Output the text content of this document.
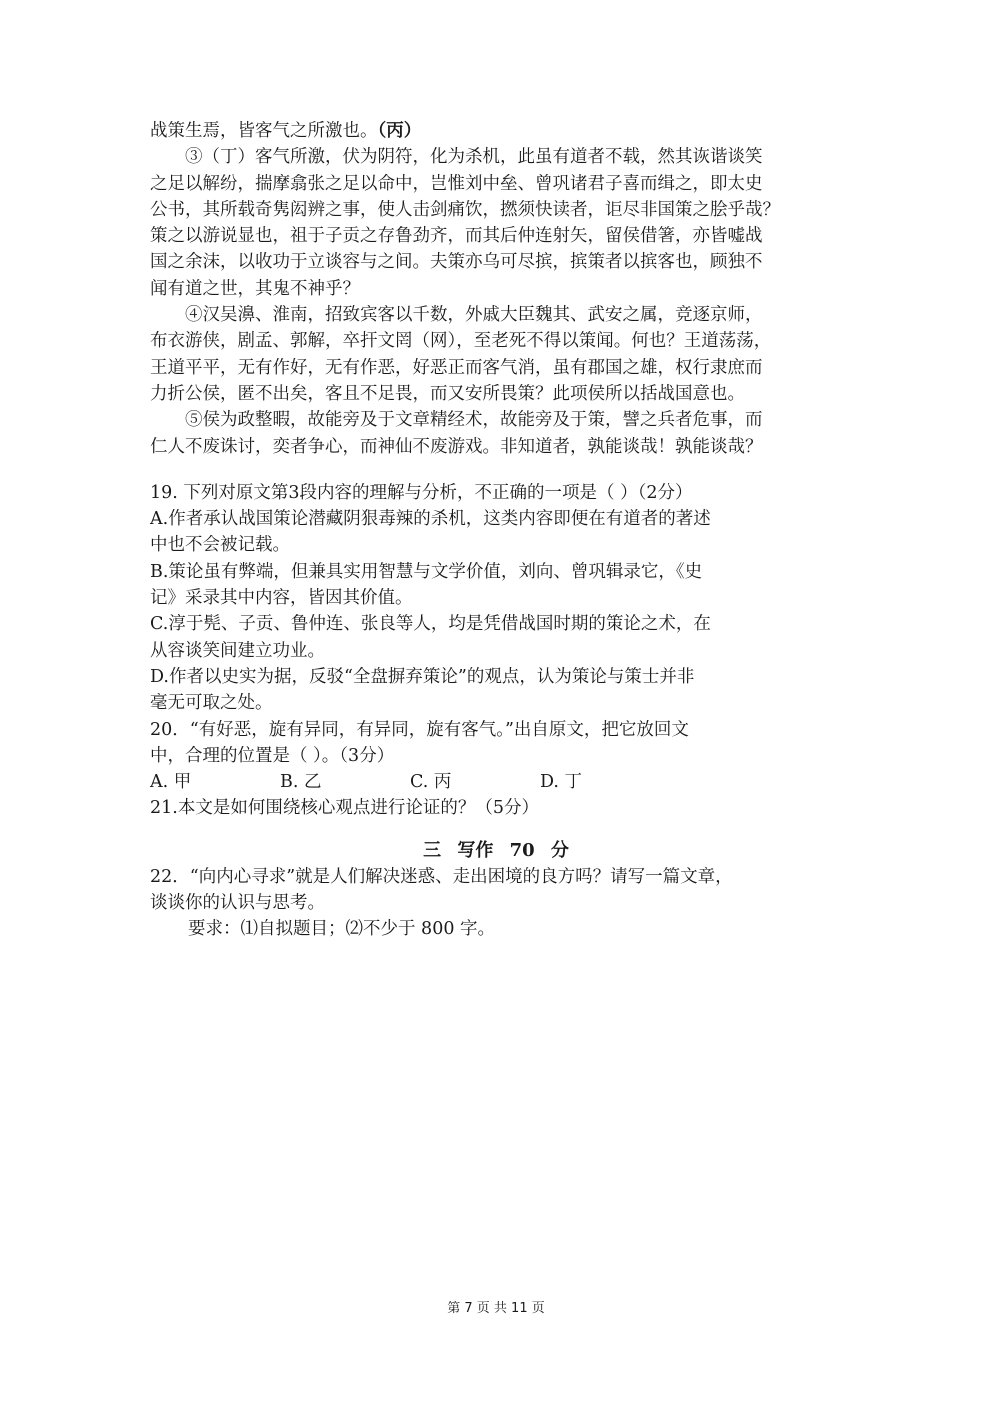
战策生焉，皆客气之所激也。（丙）
③（丁）客气所激，伏为阴符，化为杀机，此虽有道者不载，然其诙谐谈笑
之足以解纷，揣摩翕张之足以命中，岂惟刘中垒、曾巩诸君子喜而缉之，即太史
公书，其所载奇隽闳辨之事，使人击剑痛饮，撚须快读者，讵尽非国策之脍乎哉？
策之以游说显也，祖于子贡之存鲁劲齐，而其后仲连射矢，留侯借箸，亦皆嘘战
国之余沫，以收功于立谈容与之间。夫策亦乌可尽摈，摈策者以摈客也，顾独不
闻有道之世，其鬼不神乎？
④汉吴濞、淮南，招致宾客以千数，外戚大臣魏其、武安之属，竞逐京师，
布衣游侠，剧孟、郭解，卒扞文罔（网），至老死不得以策闻。何也？王道荡荡，
王道平平，无有作好，无有作恶，好恶正而客气消，虽有郡国之雄，权行隶庶而
力折公侯，匿不出矣，客且不足畏，而又安所畏策？此项侯所以括战国意也。
⑤侯为政整暇，故能旁及于文章精经术，故能旁及于策，譬之兵者危事，而
仁人不废诛讨，奕者争心，而神仙不废游戏。非知道者，孰能谈哉！孰能谈哉？
19. 下列对原文第3段内容的理解与分析，不正确的一项是（ ）（2分）
A.作者承认战国策论潜藏阴狠毒辣的杀机，这类内容即便在有道者的著述
中也不会被记载。
B.策论虽有弊端，但兼具实用智慧与文学价值，刘向、曾巩辑录它，《史
记》采录其中内容，皆因其价值。
C.淳于髡、子贡、鲁仲连、张良等人，均是凭借战国时期的策论之术，在
从容谈笑间建立功业。
D.作者以史实为据，反驳“全盘摒弃策论”的观点，认为策论与策士并非
毫无可取之处。
20．“有好恶，旋有异同，有异同，旋有客气。”出自原文，把它放回文
中，合理的位置是（ ）。（3分）
A. 甲	B. 乙	C. 丙	D. 丁
21.本文是如何围绕核心观点进行论证的？（5分）
三 写作 70 分
22．“向内心寻求”就是人们解决迷惑、走出困境的良方吗？请写一篇文章，
谈谈你的认识与思考。
要求：⑴自拟题目；⑵不少于 800 字。
第 7 页 共 11 页
